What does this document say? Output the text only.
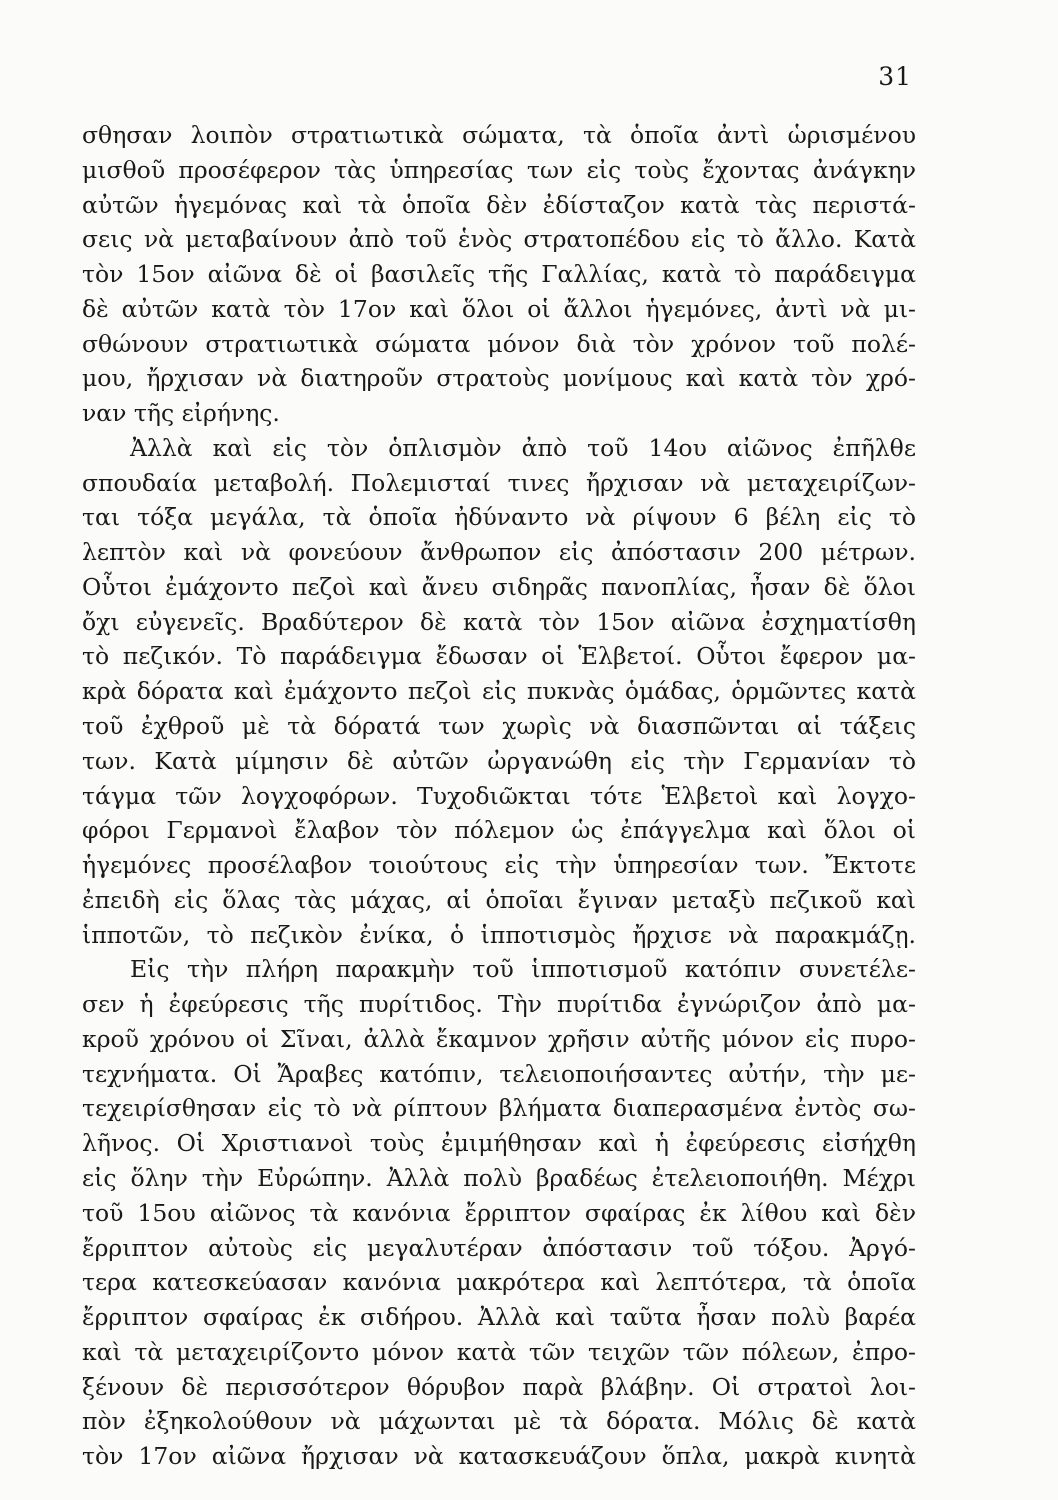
31
σθησαν λοιπὸν στρατιωτικὰ σώματα, τὰ ὁποῖα ἀντὶ ὡρισμένου
μισθοῦ προσέφερον τὰς ὑπηρεσίας των εἰς τοὺς ἔχοντας ἀνάγκην
αὐτῶν ἡγεμόνας καὶ τὰ ὁποῖα δὲν ἐδίσταζον κατὰ τὰς περιστά-
σεις νὰ μεταβαίνουν ἀπὸ τοῦ ἑνὸς στρατοπέδου εἰς τὸ ἄλλο. Κατὰ
τὸν 15ον αἰῶνα δὲ οἱ βασιλεῖς τῆς Γαλλίας, κατὰ τὸ παράδειγμα
δὲ αὐτῶν κατὰ τὸν 17ον καὶ ὅλοι οἱ ἄλλοι ἡγεμόνες, ἀντὶ νὰ μι-
σθώνουν στρατιωτικὰ σώματα μόνον διὰ τὸν χρόνον τοῦ πολέ-
μου, ἤρχισαν νὰ διατηροῦν στρατοὺς μονίμους καὶ κατὰ τὸν χρό-
ναν τῆς εἰρήνης.
Ἀλλὰ καὶ εἰς τὸν ὁπλισμὸν ἀπὸ τοῦ 14ου αἰῶνος ἐπῆλθε
σπουδαία μεταβολή. Πολεμισταί τινες ἤρχισαν νὰ μεταχειρίζων-
ται τόξα μεγάλα, τὰ ὁποῖα ἠδύναντο νὰ ρίψουν 6 βέλη εἰς τὸ
λεπτὸν καὶ νὰ φονεύουν ἄνθρωπον εἰς ἀπόστασιν 200 μέτρων.
Οὗτοι ἐμάχοντο πεζοὶ καὶ ἄνευ σιδηρᾶς πανοπλίας, ἦσαν δὲ ὅλοι
ὄχι εὐγενεῖς. Βραδύτερον δὲ κατὰ τὸν 15ον αἰῶνα ἐσχηματίσθη
τὸ πεζικόν. Τὸ παράδειγμα ἔδωσαν οἱ Ἑλβετοί. Οὗτοι ἔφερον μα-
κρὰ δόρατα καὶ ἐμάχοντο πεζοὶ εἰς πυκνὰς ὁμάδας, ὁρμῶντες κατὰ
τοῦ ἐχθροῦ μὲ τὰ δόρατά των χωρὶς νὰ διασπῶνται αἱ τάξεις
των. Κατὰ μίμησιν δὲ αὐτῶν ὠργανώθη εἰς τὴν Γερμανίαν τὸ
τάγμα τῶν λογχοφόρων. Τυχοδιῶκται τότε Ἑλβετοὶ καὶ λογχο-
φόροι Γερμανοὶ ἔλαβον τὸν πόλεμον ὡς ἐπάγγελμα καὶ ὅλοι οἱ
ἡγεμόνες προσέλαβον τοιούτους εἰς τὴν ὑπηρεσίαν των. Ἔκτοτε
ἐπειδὴ εἰς ὅλας τὰς μάχας, αἱ ὁποῖαι ἔγιναν μεταξὺ πεζικοῦ καὶ
ἱπποτῶν, τὸ πεζικὸν ἐνίκα, ὁ ἱπποτισμὸς ἤρχισε νὰ παρακμάζῃ.
Εἰς τὴν πλήρη παρακμὴν τοῦ ἱπποτισμοῦ κατόπιν συνετέλε-
σεν ἡ ἐφεύρεσις τῆς πυρίτιδος. Τὴν πυρίτιδα ἐγνώριζον ἀπὸ μα-
κροῦ χρόνου οἱ Σῖναι, ἀλλὰ ἔκαμνον χρῆσιν αὐτῆς μόνον εἰς πυρο-
τεχνήματα. Οἱ Ἄραβες κατόπιν, τελειοποιήσαντες αὐτήν, τὴν με-
τεχειρίσθησαν εἰς τὸ νὰ ρίπτουν βλήματα διαπερασμένα ἐντὸς σω-
λῆνος. Οἱ Χριστιανοὶ τοὺς ἐμιμήθησαν καὶ ἡ ἐφεύρεσις εἰσήχθη
εἰς ὅλην τὴν Εὐρώπην. Ἀλλὰ πολὺ βραδέως ἐτελειοποιήθη. Μέχρι
τοῦ 15ου αἰῶνος τὰ κανόνια ἔρριπτον σφαίρας ἐκ λίθου καὶ δὲν
ἔρριπτον αὐτοὺς εἰς μεγαλυτέραν ἀπόστασιν τοῦ τόξου. Ἀργό-
τερα κατεσκεύασαν κανόνια μακρότερα καὶ λεπτότερα, τὰ ὁποῖα
ἔρριπτον σφαίρας ἐκ σιδήρου. Ἀλλὰ καὶ ταῦτα ἦσαν πολὺ βαρέα
καὶ τὰ μεταχειρίζοντο μόνον κατὰ τῶν τειχῶν τῶν πόλεων, ἐπρο-
ξένουν δὲ περισσότερον θόρυβον παρὰ βλάβην. Οἱ στρατοὶ λοι-
πὸν ἐξηκολούθουν νὰ μάχωνται μὲ τὰ δόρατα. Μόλις δὲ κατὰ
τὸν 17ον αἰῶνα ἤρχισαν νὰ κατασκευάζουν ὅπλα, μακρὰ κινητὰ
